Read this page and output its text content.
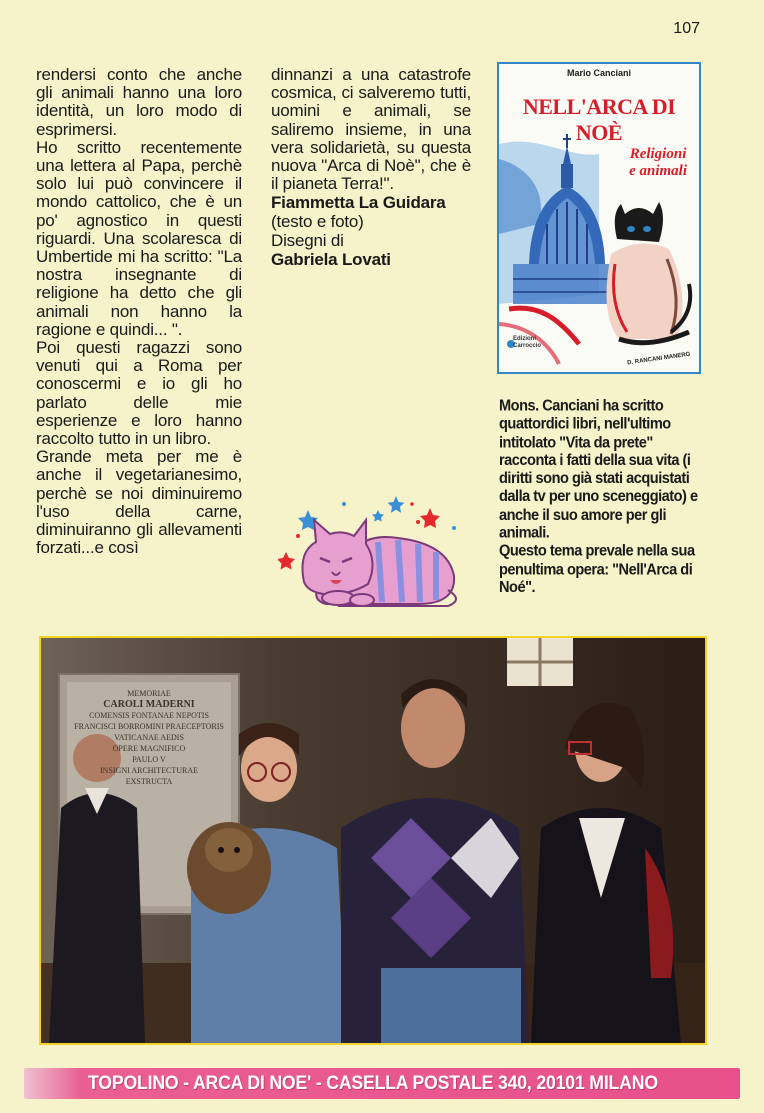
107

rendersi conto che anche gli animali hanno una loro identità, un loro modo di esprimersi.

Ho scritto recentemente una lettera al Papa, perchè solo lui può convincere il mondo cattolico, che è un po' agnostico in questi riguardi. Una scolaresca di Umbertide mi ha scritto: "La nostra insegnante di religione ha detto che gli animali non hanno la ragione e quindi... ".

Poi questi ragazzi sono venuti qui a Roma per conoscermi e io gli ho parlato delle mie esperienze e loro hanno raccolto tutto in un libro.

Grande meta per me è anche il vegetarianesimo, perchè se noi diminuiremo l'uso della carne, diminuiranno gli allevamenti forzati...e così

dinnanzi a una catastrofe cosmica, ci salveremo tutti, uomini e animali, se saliremo insieme, in una vera solidarietà, su questa nuova "Arca di Noè", che è il pianeta Terra!".

Fiammetta La Guidara
(testo e foto)

Disegni di
Gabriela Lovati

Mario Canciani
NELL'ARCA DI NOÈ
Religioni
e animali
Edizioni
Carroccio
D. RANCANI MANERG

Mons. Canciani ha scritto quattordici libri, nell'ultimo intitolato "Vita da prete" racconta i fatti della sua vita (i diritti sono già stati acquistati dalla tv per uno sceneggiato) e anche il suo amore per gli animali.

Questo tema prevale nella sua penultima opera: "Nell'Arca di Noé".

MEMORIAE
CAROLI MADERNI
COMENSIS FONTANAE NEPOTIS
FRANCISCI BORROMINI PRAECEPTORIS
VATICANAE AEDIS
OPERE MAGNIFICO
PAULO V
INSIGNI ARCHITECTURAE
EXSTRUCTA
TOPOLINO - ARCA DI NOE' - CASELLA POSTALE 340, 20101 MILANO
